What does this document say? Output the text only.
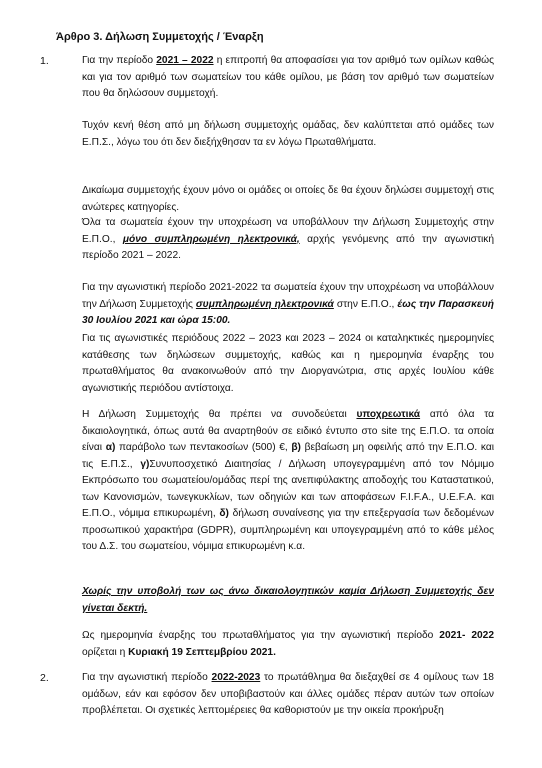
Άρθρο 3. Δήλωση Συμμετοχής / Έναρξη
1.	Για την περίοδο 2021 – 2022 η επιτροπή θα αποφασίσει για τον αριθμό των ομίλων καθώς και για τον αριθμό των σωματείων του κάθε ομίλου, με βάση τον αριθμό των σωματείων που θα δηλώσουν συμμετοχή.
Τυχόν κενή θέση από μη δήλωση συμμετοχής ομάδας, δεν καλύπτεται από ομάδες των Ε.Π.Σ., λόγω του ότι δεν διεξήχθησαν τα εν λόγω Πρωταθλήματα.
Δικαίωμα συμμετοχής έχουν μόνο οι ομάδες οι οποίες δε θα έχουν δηλώσει συμμετοχή στις ανώτερες κατηγορίες.
Όλα τα σωματεία έχουν την υποχρέωση να υποβάλλουν την Δήλωση Συμμετοχής στην Ε.Π.Ο., μόνο συμπληρωμένη ηλεκτρονικά, αρχής γενόμενης από την αγωνιστική περίοδο 2021 – 2022.
Για την αγωνιστική περίοδο 2021-2022 τα σωματεία έχουν την υποχρέωση να υποβάλλουν την Δήλωση Συμμετοχής συμπληρωμένη ηλεκτρονικά στην Ε.Π.Ο., έως την Παρασκευή 30 Ιουλίου 2021 και ώρα 15:00.
Για τις αγωνιστικές περιόδους 2022 – 2023 και 2023 – 2024 οι καταληκτικές ημερομηνίες κατάθεσης των δηλώσεων συμμετοχής, καθώς και η ημερομηνία έναρξης του πρωταθλήματος θα ανακοινωθούν από την Διοργανώτρια, στις αρχές Ιουλίου κάθε αγωνιστικής περιόδου αντίστοιχα.
Η Δήλωση Συμμετοχής θα πρέπει να συνοδεύεται υποχρεωτικά από όλα τα δικαιολογητικά, όπως αυτά θα αναρτηθούν σε ειδικό έντυπο στο site της Ε.Π.Ο. τα οποία είναι α) παράβολο των πεντακοσίων (500) €, β) βεβαίωση μη οφειλής από την Ε.Π.Ο. και τις Ε.Π.Σ., γ)Συνυποσχετικό Διαιτησίας / Δήλωση υπογεγραμμένη από τον Νόμιμο Εκπρόσωπο του σωματείου/ομάδας περί της ανεπιφύλακτης αποδοχής του Καταστατικού, των Κανονισμών, τωνεγκυκλίων, των οδηγιών και των αποφάσεων F.I.F.A., U.E.F.A. και Ε.Π.Ο., νόμιμα επικυρωμένη, δ) δήλωση συναίνεσης για την επεξεργασία των δεδομένων προσωπικού χαρακτήρα (GDPR), συμπληρωμένη και υπογεγραμμένη από το κάθε μέλος του Δ.Σ. του σωματείου, νόμιμα επικυρωμένη κ.α.
Χωρίς την υποβολή των ως άνω δικαιολογητικών καμία Δήλωση Συμμετοχής δεν γίνεται δεκτή.
Ως ημερομηνία έναρξης του πρωταθλήματος για την αγωνιστική περίοδο 2021- 2022 ορίζεται η Κυριακή 19 Σεπτεμβρίου 2021.
2.	Για την αγωνιστική περίοδο 2022-2023 το πρωτάθλημα θα διεξαχθεί σε 4 ομίλους των 18 ομάδων, εάν και εφόσον δεν υποβιβαστούν και άλλες ομάδες πέραν αυτών των οποίων προβλέπεται. Οι σχετικές λεπτομέρειες θα καθοριστούν με την οικεία προκήρυξη
